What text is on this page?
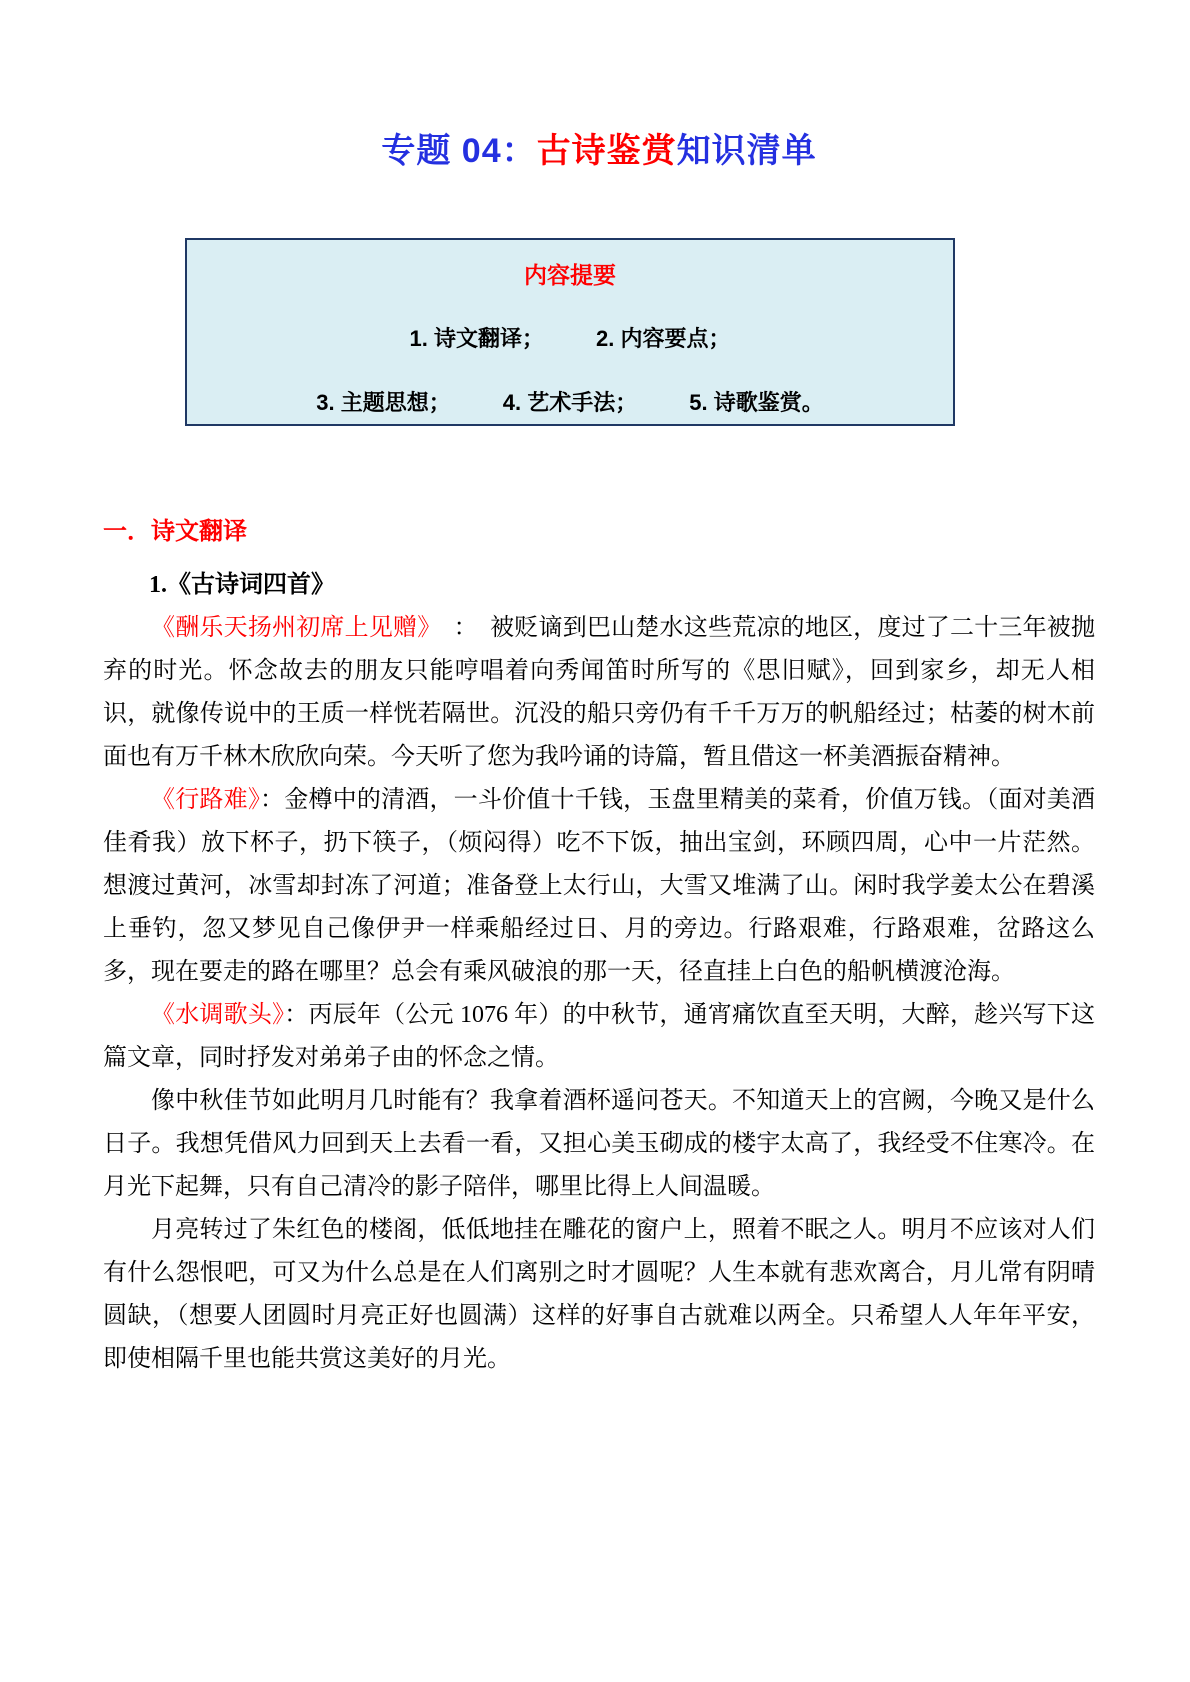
专题 04：古诗鉴赏知识清单
内容提要
1. 诗文翻译； 2. 内容要点；
3. 主题思想； 4. 艺术手法； 5. 诗歌鉴赏。
一．诗文翻译
1.《古诗词四首》

《酬乐天扬州初席上见赠》　：　被贬谪到巴山楚水这些荒凉的地区，度过了二十三年被抛弃的时光。怀念故去的朋友只能哼唱着向秀闻笛时所写的《思旧赋》，回到家乡，却无人相识，就像传说中的王质一样恍若隔世。沉没的船只旁仍有千千万万的帆船经过；枯萎的树木前面也有万千林木欣欣向荣。今天听了您为我吟诵的诗篇，暂且借这一杯美酒振奋精神。

《行路难》：金樽中的清酒，一斗价值十千钱，玉盘里精美的菜肴，价值万钱。（面对美酒佳肴我）放下杯子，扔下筷子，（烦闷得）吃不下饭，抽出宝剑，环顾四周，心中一片茫然。想渡过黄河，冰雪却封冻了河道；准备登上太行山，大雪又堆满了山。闲时我学姜太公在碧溪上垂钓，忽又梦见自己像伊尹一样乘船经过日、月的旁边。行路艰难，行路艰难，岔路这么多，现在要走的路在哪里？总会有乘风破浪的那一天，径直挂上白色的船帆横渡沧海。

《水调歌头》：丙辰年（公元 1076 年）的中秋节，通宵痛饮直至天明，大醉，趁兴写下这篇文章，同时抒发对弟弟子由的怀念之情。

像中秋佳节如此明月几时能有？我拿着酒杯遥问苍天。不知道天上的宫阙，今晚又是什么日子。我想凭借风力回到天上去看一看，又担心美玉砌成的楼宇太高了，我经受不住寒冷。在月光下起舞，只有自己清冷的影子陪伴，哪里比得上人间温暖。

月亮转过了朱红色的楼阁，低低地挂在雕花的窗户上，照着不眠之人。明月不应该对人们有什么怨恨吧，可又为什么总是在人们离别之时才圆呢？人生本就有悲欢离合，月儿常有阴晴圆缺，（想要人团圆时月亮正好也圆满）这样的好事自古就难以两全。只希望人人年年平安，即使相隔千里也能共赏这美好的月光。
